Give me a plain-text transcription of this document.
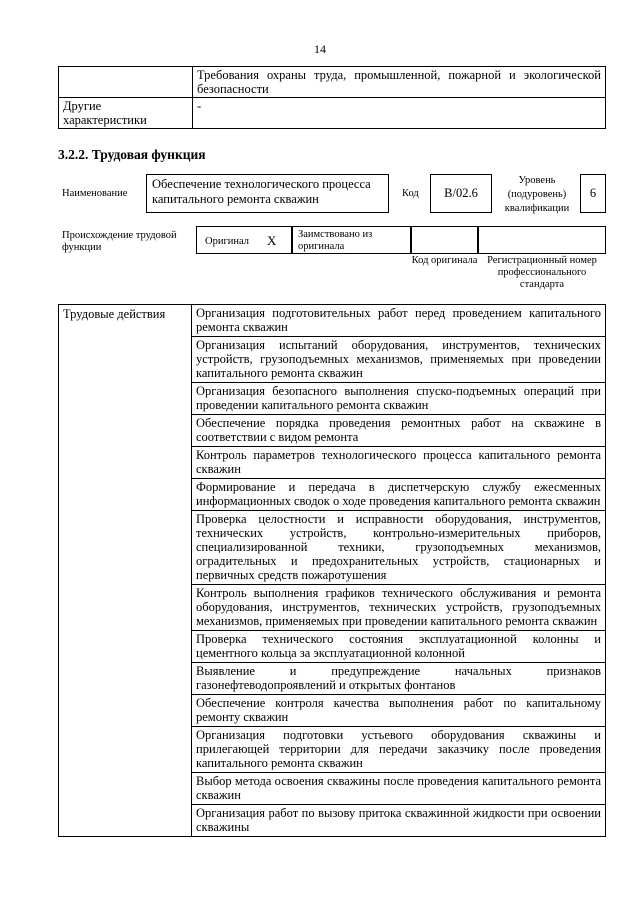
14
	Требования охраны труда, промышленной, пожарной и экологической безопасности
Другие характеристики	-
3.2.2. Трудовая функция
Наименование
Обеспечение технологического процесса капитального ремонта скважин	Код	B/02.6
Уровень (подуровень) квалификации
6
Происхождение трудовой функции
Оригинал X	Заимствовано из оригинала
Код оригинала Регистрационный номер профессионального стандарта
Трудовые действия	Организация подготовительных работ перед проведением капитального ремонта скважин
Организация испытаний оборудования, инструментов, технических устройств, грузоподъемных механизмов, применяемых при проведении капитального ремонта скважин
Организация безопасного выполнения спуско-подъемных операций при проведении капитального ремонта скважин
Обеспечение порядка проведения ремонтных работ на скважине в соответствии с видом ремонта
Контроль параметров технологического процесса капитального ремонта скважин
Формирование и передача в диспетчерскую службу ежесменных информационных сводок о ходе проведения капитального ремонта скважин
Проверка целостности и исправности оборудования, инструментов, технических устройств, контрольно-измерительных приборов, специализированной техники, грузоподъемных механизмов, оградительных и предохранительных устройств, стационарных и первичных средств пожаротушения
Контроль выполнения графиков технического обслуживания и ремонта оборудования, инструментов, технических устройств, грузоподъемных механизмов, применяемых при проведении капитального ремонта скважин
Проверка технического состояния эксплуатационной колонны и цементного кольца за эксплуатационной колонной
Выявление и предупреждение начальных признаков газонефтеводопроявлений и открытых фонтанов
Обеспечение контроля качества выполнения работ по капитальному ремонту скважин
Организация подготовки устьевого оборудования скважины и прилегающей территории для передачи заказчику после проведения капитального ремонта скважин
Выбор метода освоения скважины после проведения капитального ремонта скважин
Организация работ по вызову притока скважинной жидкости при освоении скважины
